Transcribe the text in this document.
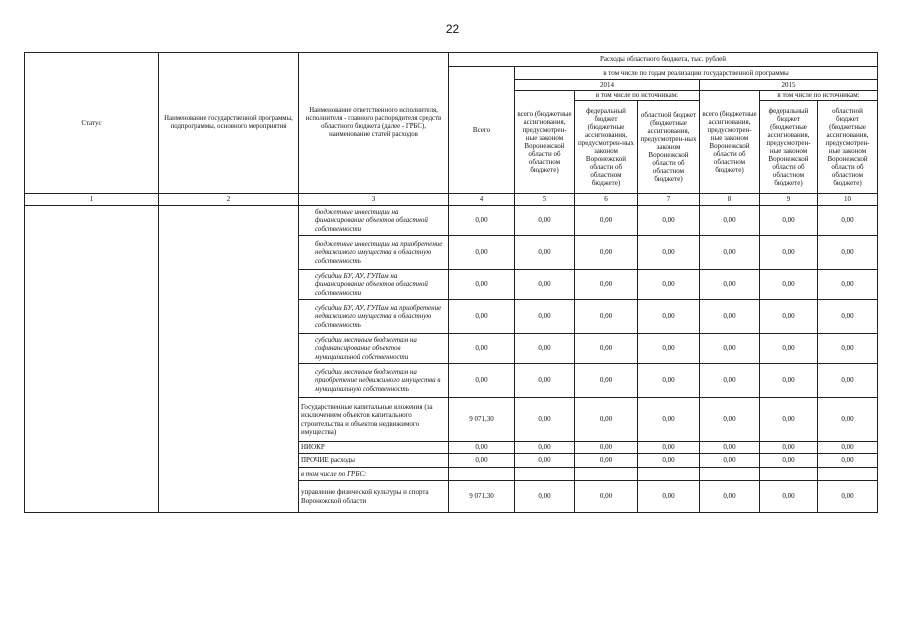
22
Статус	Наименование государственной программы, подпрограммы, основного мероприятия	Наименование ответственного исполнителя, исполнителя - главного распорядителя средств областного бюджета (далее - ГРБС), наименование статей расходов	Расходы областного бюджета, тыс. рублей						
			Всего	в том числе по годам реализации государственной программы					
				2014			2015		
				всего (бюджетные ассигнования, предусмотрен-ные законом Воронежской области об областном бюджете)	в том числе по источникам:		всего (бюджетные ассигнования, предусмотрен-ные законом Воронежской области об областном бюджете)	в том числе по источникам:	
					федеральный бюджет (бюджетные ассигнования, предусмотрен-ных законом Воронежской области об областном бюджете)	областной бюджет (бюджетные ассигнования, предусмотрен-ных законом Воронежской области об областном бюджете)		федеральный бюджет (бюджетные ассигнования, предусмотрен-ные законом Воронежской области об областном бюджете)	областной бюджет (бюджетные ассигнования, предусмотрен-ные законом Воронежской области об областном бюджете)
1	2	3	4	5	6	7	8	9	10
		бюджетные инвестиции на финансирование объектов областной собственности	0,00	0,00	0,00	0,00	0,00	0,00	0,00
		бюджетные инвестиции на приобретение недвижимого имущества в областную собственность	0,00	0,00	0,00	0,00	0,00	0,00	0,00
		субсидии БУ, АУ, ГУПам на финансирование объектов областной собственности	0,00	0,00	0,00	0,00	0,00	0,00	0,00
		субсидии БУ, АУ, ГУПам на приобретение недвижимого имущества в областную собственность	0,00	0,00	0,00	0,00	0,00	0,00	0,00
		субсидии местным бюджетам на софинансирование объектов муниципальной собственности	0,00	0,00	0,00	0,00	0,00	0,00	0,00
		субсидии местным бюджетам на приобретение недвижимого имущества в муниципальную собственность	0,00	0,00	0,00	0,00	0,00	0,00	0,00
		Государственные капитальные вложения (за исключением объектов капитального строительства и объектов недвижимого имущества)	9 071,30	0,00	0,00	0,00	0,00	0,00	0,00
		НИОКР	0,00	0,00	0,00	0,00	0,00	0,00	0,00
		ПРОЧИЕ расходы	0,00	0,00	0,00	0,00	0,00	0,00	0,00
		в том числе по ГРБС:							
		управление физической культуры и спорта Воронежской области	9 071,30	0,00	0,00	0,00	0,00	0,00	0,00
